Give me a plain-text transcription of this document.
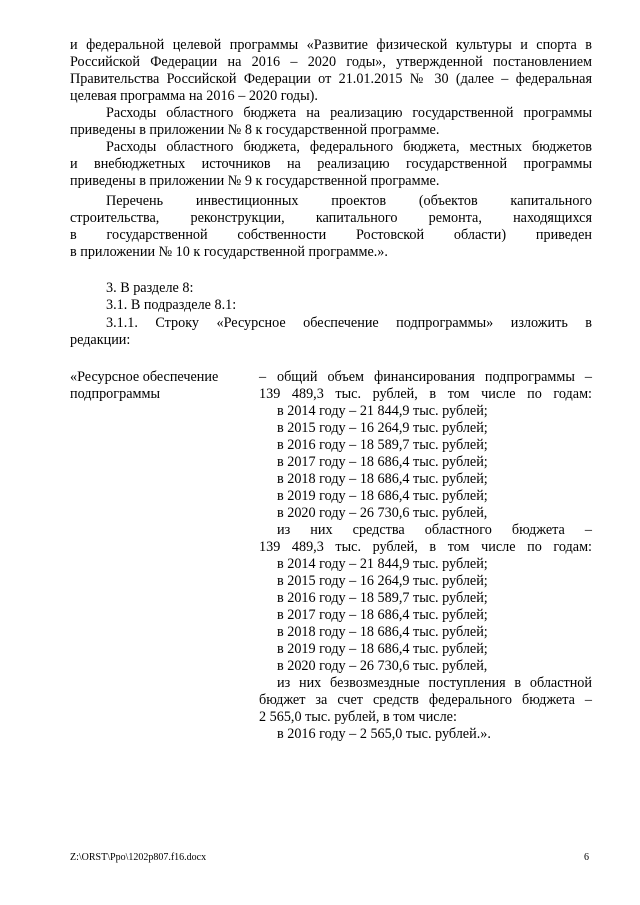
и федеральной целевой программы «Развитие физической культуры и спорта в
Российской Федерации на 2016 – 2020 годы», утвержденной постановлением
Правительства Российской Федерации от 21.01.2015 № 30 (далее – федеральная
целевая программа на 2016 – 2020 годы).
Расходы областного бюджета на реализацию государственной программы
приведены в приложении № 8 к государственной программе.
Расходы областного бюджета, федерального бюджета, местных бюджетов
и внебюджетных источников на реализацию государственной программы
приведены в приложении № 9 к государственной программе.
Перечень инвестиционных проектов (объектов капитального
строительства, реконструкции, капитального ремонта, находящихся
в государственной собственности Ростовской области) приведен
в приложении № 10 к государственной программе.».
3. В разделе 8:
3.1. В подразделе 8.1:
3.1.1. Строку «Ресурсное обеспечение подпрограммы» изложить в
редакции:
«Ресурсное обеспечение
подпрограммы
– общий объем финансирования подпрограммы –
139 489,3 тыс. рублей, в том числе по годам:
в 2014 году – 21 844,9 тыс. рублей;
в 2015 году – 16 264,9 тыс. рублей;
в 2016 году – 18 589,7 тыс. рублей;
в 2017 году – 18 686,4 тыс. рублей;
в 2018 году – 18 686,4 тыс. рублей;
в 2019 году – 18 686,4 тыс. рублей;
в 2020 году – 26 730,6 тыс. рублей,
из них средства областного бюджета –
139 489,3 тыс. рублей, в том числе по годам:
в 2014 году – 21 844,9 тыс. рублей;
в 2015 году – 16 264,9 тыс. рублей;
в 2016 году – 18 589,7 тыс. рублей;
в 2017 году – 18 686,4 тыс. рублей;
в 2018 году – 18 686,4 тыс. рублей;
в 2019 году – 18 686,4 тыс. рублей;
в 2020 году – 26 730,6 тыс. рублей,
из них безвозмездные поступления в областной
бюджет за счет средств федерального бюджета –
2 565,0 тыс. рублей, в том числе:
в 2016 году – 2 565,0 тыс. рублей.».
Z:\ORST\Ppo\1202p807.f16.docx	6
